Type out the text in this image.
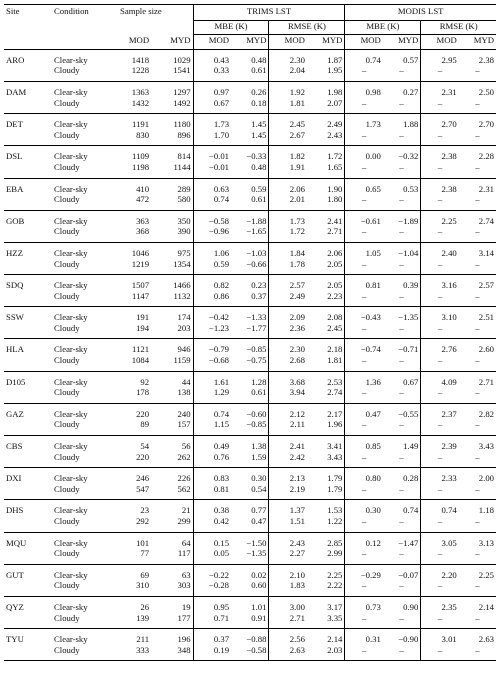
Site	Condition	Sample size		TRIMS LST				MODIS LST			
				MBE (K)		RMSE (K)		MBE (K)		RMSE (K)	
		MOD	MYD	MOD	MYD	MOD	MYD	MOD	MYD	MOD	MYD
ARO	Clear-sky	1418	1029	0.43	0.48	2.30	1.87	0.74	0.57	2.95	2.38
	Cloudy	1228	1541	0.33	0.61	2.04	1.95	–	–	–	–
DAM	Clear-sky	1363	1297	0.97	0.26	1.92	1.98	0.98	0.27	2.31	2.50
	Cloudy	1432	1492	0.67	0.18	1.81	2.07	–	–	–	–
DET	Clear-sky	1191	1180	1.73	1.45	2.45	2.49	1.73	1.88	2.70	2.70
	Cloudy	830	896	1.70	1.45	2.67	2.43	–	–	–	–
DSL	Clear-sky	1109	814	−0.01	−0.33	1.82	1.72	0.00	−0.32	2.38	2.28
	Cloudy	1198	1144	−0.01	0.48	1.91	1.65	–	–	–	–
EBA	Clear-sky	410	289	0.63	0.59	2.06	1.90	0.65	0.53	2.38	2.31
	Cloudy	472	580	0.74	0.61	2.01	1.80	–	–	–	–
GOB	Clear-sky	363	350	−0.58	−1.88	1.73	2.41	−0.61	−1.89	2.25	2.74
	Cloudy	368	390	−0.96	−1.65	1.72	2.71	–	–	–	–
HZZ	Clear-sky	1046	975	1.06	−1.03	1.84	2.06	1.05	−1.04	2.40	3.14
	Cloudy	1219	1354	0.59	−0.66	1.78	2.05	–	–	–	–
SDQ	Clear-sky	1507	1466	0.82	0.23	2.57	2.05	0.81	0.39	3.16	2.57
	Cloudy	1147	1132	0.86	0.37	2.49	2.23	–	–	–	–
SSW	Clear-sky	191	174	−0.42	−1.33	2.09	2.08	−0.43	−1.35	3.10	2.51
	Cloudy	194	203	−1.23	−1.77	2.36	2.45	–	–	–	–
HLA	Clear-sky	1121	946	−0.79	−0.85	2.30	2.18	−0.74	−0.71	2.76	2.60
	Cloudy	1084	1159	−0.68	−0.75	2.68	1.81	–	–	–	–
D105	Clear-sky	92	44	1.61	1.28	3.68	2.53	1.36	0.67	4.09	2.71
	Cloudy	178	138	1.29	0.61	3.94	2.74	–	–	–	–
GAZ	Clear-sky	220	240	0.74	−0.60	2.12	2.17	0.47	−0.55	2.37	2.82
	Cloudy	89	157	1.15	−0.85	2.11	1.96	–	–	–	–
CBS	Clear-sky	54	56	0.49	1.38	2.41	3.41	0.85	1.49	2.39	3.43
	Cloudy	220	262	0.76	1.59	2.42	3.43	–	–	–	–
DXI	Clear-sky	246	226	0.83	0.30	2.13	1.79	0.80	0.28	2.33	2.00
	Cloudy	547	562	0.81	0.54	2.19	1.79	–	–	–	–
DHS	Clear-sky	23	21	0.38	0.77	1.37	1.53	0.30	0.74	0.74	1.18
	Cloudy	292	299	0.42	0.47	1.51	1.22	–	–	–	–
MQU	Clear-sky	101	64	0.15	−1.50	2.43	2.85	0.12	−1.47	3.05	3.13
	Cloudy	77	117	0.05	−1.35	2.27	2.99	–	–	–	–
GUT	Clear-sky	69	63	−0.22	0.02	2.10	2.25	−0.29	−0.07	2.20	2.25
	Cloudy	310	303	−0.28	0.60	1.83	2.22	–	–	–	–
QYZ	Clear-sky	26	19	0.95	1.01	3.00	3.17	0.73	0.90	2.35	2.14
	Cloudy	139	177	0.71	0.91	2.71	3.35	–	–	–	–
TYU	Clear-sky	211	196	0.37	−0.88	2.56	2.14	0.31	−0.90	3.01	2.63
	Cloudy	333	348	0.19	−0.58	2.63	2.03	–	–	–	–
